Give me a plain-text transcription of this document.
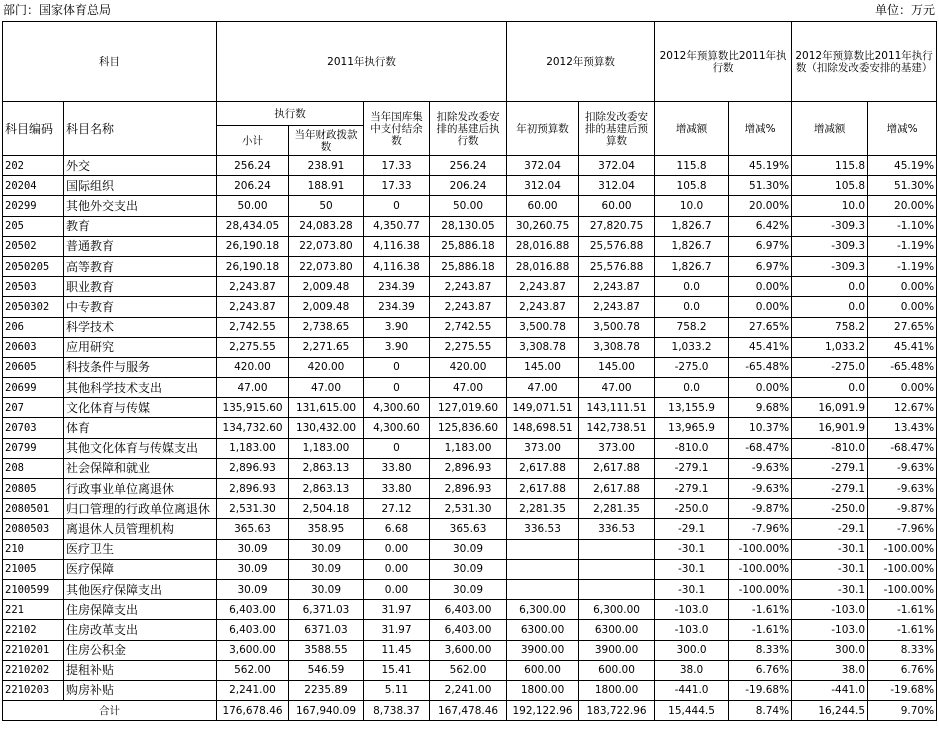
部门：国家体育总局	单位：万元
科目		2011年执行数				2012年预算数		2012年预算数比2011年执行数		2012年预算数比2011年执行数（扣除发改委安排的基建）	
科目编码	科目名称	执行数		当年国库集中支付结余数	扣除发改委安排的基建后执行数	年初预算数	扣除发改委安排的基建后预算数	增减额	增减%	增减额	增减%
		小计	当年财政拨款数								
202	外交	256.24	238.91	17.33	256.24	372.04	372.04	115.8	45.19%	115.8	45.19%
20204	国际组织	206.24	188.91	17.33	206.24	312.04	312.04	105.8	51.30%	105.8	51.30%
20299	其他外交支出	50.00	50	0	50.00	60.00	60.00	10.0	20.00%	10.0	20.00%
205	教育	28,434.05	24,083.28	4,350.77	28,130.05	30,260.75	27,820.75	1,826.7	6.42%	-309.3	-1.10%
20502	普通教育	26,190.18	22,073.80	4,116.38	25,886.18	28,016.88	25,576.88	1,826.7	6.97%	-309.3	-1.19%
2050205	高等教育	26,190.18	22,073.80	4,116.38	25,886.18	28,016.88	25,576.88	1,826.7	6.97%	-309.3	-1.19%
20503	职业教育	2,243.87	2,009.48	234.39	2,243.87	2,243.87	2,243.87	0.0	0.00%	0.0	0.00%
2050302	中专教育	2,243.87	2,009.48	234.39	2,243.87	2,243.87	2,243.87	0.0	0.00%	0.0	0.00%
206	科学技术	2,742.55	2,738.65	3.90	2,742.55	3,500.78	3,500.78	758.2	27.65%	758.2	27.65%
20603	应用研究	2,275.55	2,271.65	3.90	2,275.55	3,308.78	3,308.78	1,033.2	45.41%	1,033.2	45.41%
20605	科技条件与服务	420.00	420.00	0	420.00	145.00	145.00	-275.0	-65.48%	-275.0	-65.48%
20699	其他科学技术支出	47.00	47.00	0	47.00	47.00	47.00	0.0	0.00%	0.0	0.00%
207	文化体育与传媒	135,915.60	131,615.00	4,300.60	127,019.60	149,071.51	143,111.51	13,155.9	9.68%	16,091.9	12.67%
20703	体育	134,732.60	130,432.00	4,300.60	125,836.60	148,698.51	142,738.51	13,965.9	10.37%	16,901.9	13.43%
20799	其他文化体育与传媒支出	1,183.00	1,183.00	0	1,183.00	373.00	373.00	-810.0	-68.47%	-810.0	-68.47%
208	社会保障和就业	2,896.93	2,863.13	33.80	2,896.93	2,617.88	2,617.88	-279.1	-9.63%	-279.1	-9.63%
20805	行政事业单位离退休	2,896.93	2,863.13	33.80	2,896.93	2,617.88	2,617.88	-279.1	-9.63%	-279.1	-9.63%
2080501	归口管理的行政单位离退休	2,531.30	2,504.18	27.12	2,531.30	2,281.35	2,281.35	-250.0	-9.87%	-250.0	-9.87%
2080503	离退休人员管理机构	365.63	358.95	6.68	365.63	336.53	336.53	-29.1	-7.96%	-29.1	-7.96%
210	医疗卫生	30.09	30.09	0.00	30.09			-30.1	-100.00%	-30.1	-100.00%
21005	医疗保障	30.09	30.09	0.00	30.09			-30.1	-100.00%	-30.1	-100.00%
2100599	其他医疗保障支出	30.09	30.09	0.00	30.09			-30.1	-100.00%	-30.1	-100.00%
221	住房保障支出	6,403.00	6,371.03	31.97	6,403.00	6,300.00	6,300.00	-103.0	-1.61%	-103.0	-1.61%
22102	住房改革支出	6,403.00	6371.03	31.97	6,403.00	6300.00	6300.00	-103.0	-1.61%	-103.0	-1.61%
2210201	住房公积金	3,600.00	3588.55	11.45	3,600.00	3900.00	3900.00	300.0	8.33%	300.0	8.33%
2210202	提租补贴	562.00	546.59	15.41	562.00	600.00	600.00	38.0	6.76%	38.0	6.76%
2210203	购房补贴	2,241.00	2235.89	5.11	2,241.00	1800.00	1800.00	-441.0	-19.68%	-441.0	-19.68%
合计		176,678.46	167,940.09	8,738.37	167,478.46	192,122.96	183,722.96	15,444.5	8.74%	16,244.5	9.70%
